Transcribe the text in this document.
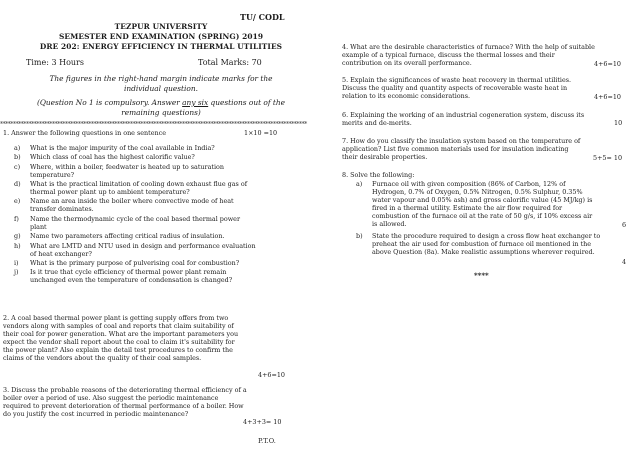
TU/ CODL
TEZPUR UNIVERSITY
SEMESTER END EXAMINATION (SPRING) 2019
DRE 202: ENERGY EFFICIENCY IN THERMAL UTILITIES
Time: 3 Hours	Total Marks: 70
The figures in the right-hand margin indicate marks for the
individual question.
(Question No 1 is compulsory. Answer any six questions out of the
remaining questions)
**********************************************************************************************************************
1. Answer the following questions in one sentence	1×10 =10
a) What is the major impurity of the coal available in India?
b) Which class of coal has the highest calorific value?
c) Where, within a boiler, feedwater is heated up to saturation
temperature?
d) What is the practical limitation of cooling down exhaust flue gas of
thermal power plant up to ambient temperature?
e) Name an area inside the boiler where convective mode of heat
transfer dominates.
f) Name the thermodynamic cycle of the coal based thermal power
plant
g) Name two parameters affecting critical radius of insulation.
h) What are LMTD and NTU used in design and performance evaluation
of heat exchanger?
i) What is the primary purpose of pulverising coal for combustion?
j) Is it true that cycle efficiency of thermal power plant remain
unchanged even the temperature of condensation is changed?
2. A coal based thermal power plant is getting supply offers from two
vendors along with samples of coal and reports that claim suitability of
their coal for power generation. What are the important parameters you
expect the vendor shall report about the coal to claim it's suitability for
the power plant? Also explain the detail test procedures to confirm the
claims of the vendors about the quality of their coal samples.
4+6=10
3. Discuss the probable reasons of the deteriorating thermal efficiency of a
boiler over a period of use. Also suggest the periodic maintenance
required to prevent deterioration of thermal performance of a boiler. How
do you justify the cost incurred in periodic maintenance?
4+3+3= 10
P.T.O.
4. What are the desirable characteristics of furnace? With the help of suitable
example of a typical furnace, discuss the thermal losses and their
contribution on its overall performance.	4+6=10
5. Explain the significances of waste heat recovery in thermal utilities.
Discuss the quality and quantity aspects of recoverable waste heat in
relation to its economic considerations.	4+6=10
6. Explaining the working of an industrial cogeneration system, discuss its
merits and de-merits.	10
7. How do you classify the insulation system based on the temperature of
application? List five common materials used for insulation indicating
their desirable properties.	5+5= 10
8. Solve the following:
a) Furnace oil with given composition (86% of Carbon, 12% of
Hydrogen, 0.7% of Oxygen, 0.5% Nitrogen, 0.5% Sulphur, 0.35%
water vapour and 0.05% ash) and gross calorific value (45 MJ/kg) is
fired in a thermal utility. Estimate the air flow required for
combustion of the furnace oil at the rate of 50 g/s, if 10% excess air
is allowed.	6
b) State the procedure required to design a cross flow heat exchanger to
preheat the air used for combustion of furnace oil mentioned in the
above Question (8a). Make realistic assumptions wherever required.
4
****
